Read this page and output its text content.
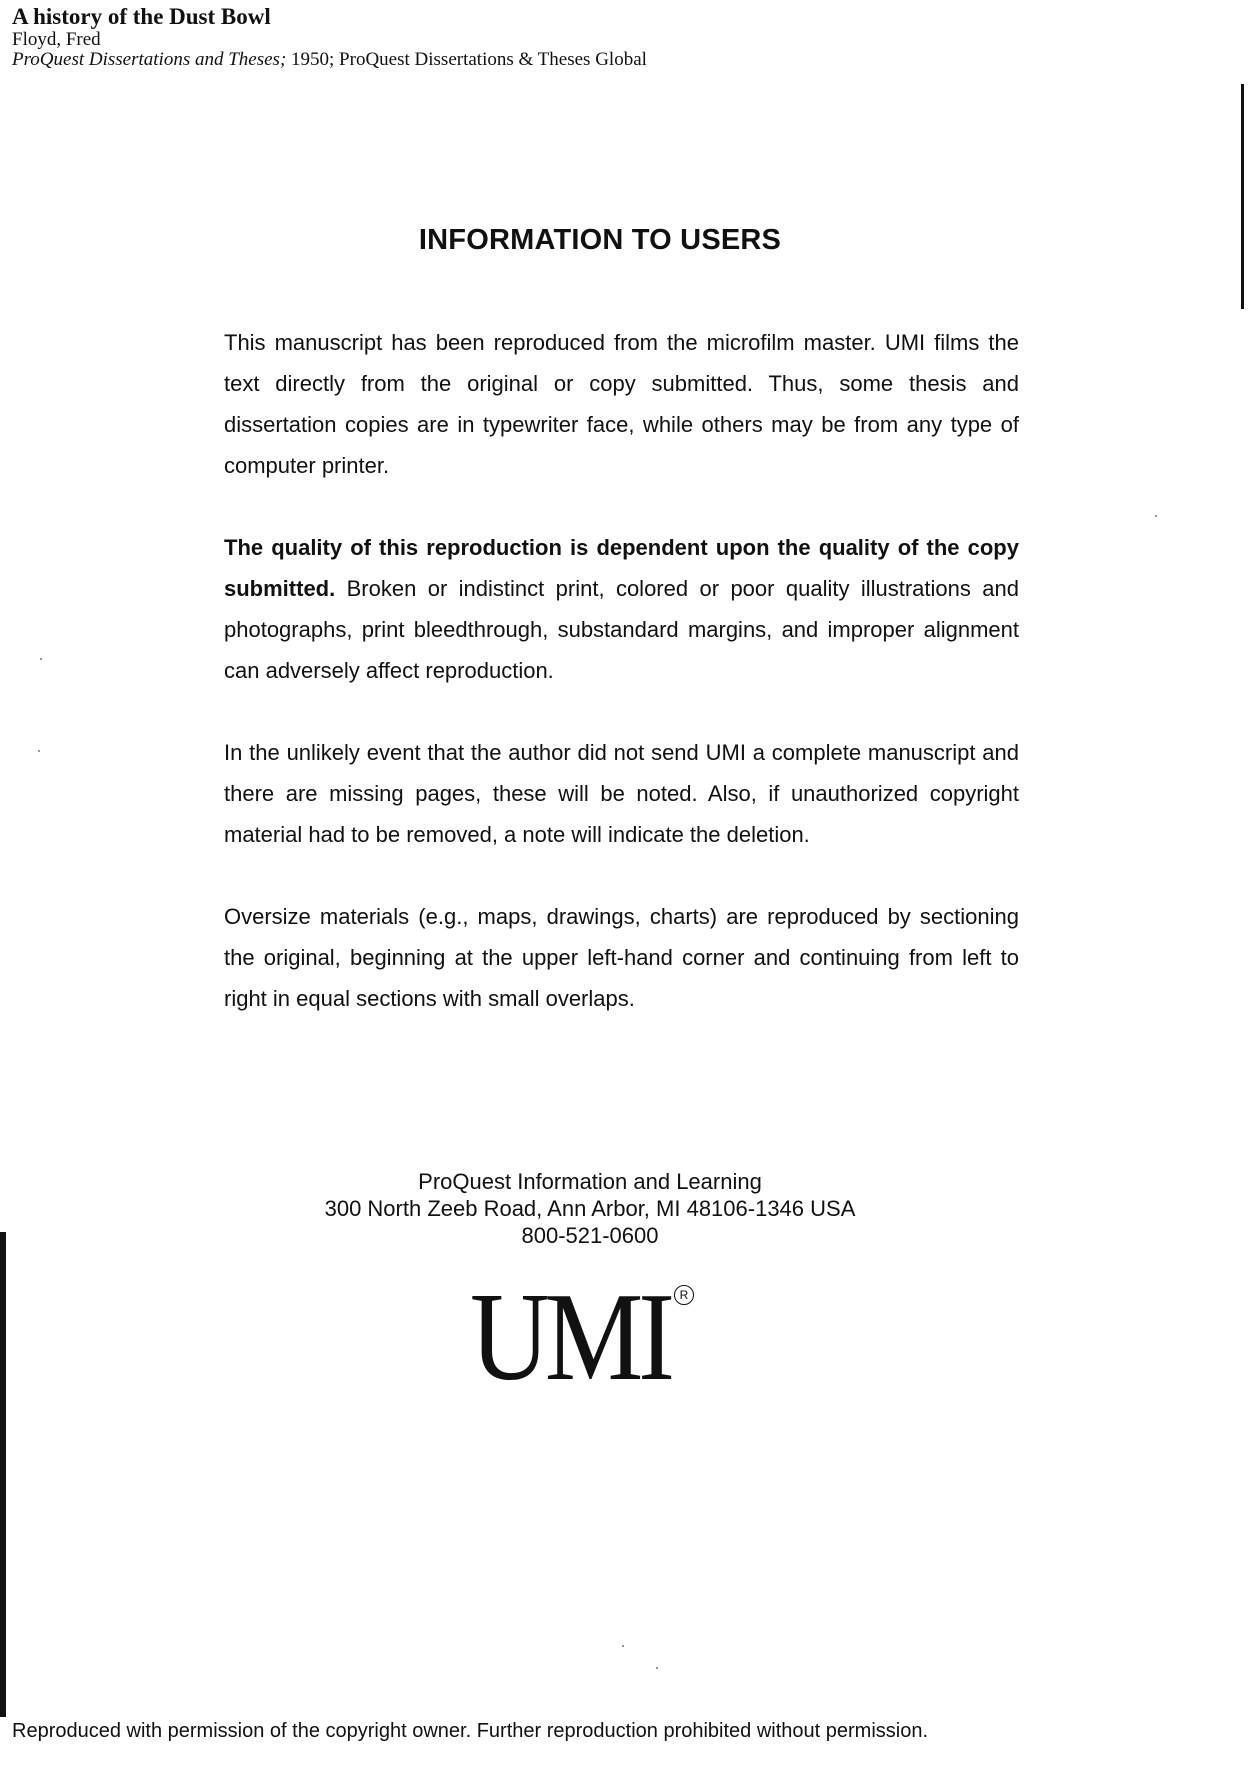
A history of the Dust Bowl
Floyd, Fred
ProQuest Dissertations and Theses; 1950; ProQuest Dissertations & Theses Global
INFORMATION TO USERS

This manuscript has been reproduced from the microfilm master. UMI films the text directly from the original or copy submitted. Thus, some thesis and dissertation copies are in typewriter face, while others may be from any type of computer printer.

The quality of this reproduction is dependent upon the quality of the copy submitted. Broken or indistinct print, colored or poor quality illustrations and photographs, print bleedthrough, substandard margins, and improper alignment can adversely affect reproduction.

In the unlikely event that the author did not send UMI a complete manuscript and there are missing pages, these will be noted. Also, if unauthorized copyright material had to be removed, a note will indicate the deletion.

Oversize materials (e.g., maps, drawings, charts) are reproduced by sectioning the original, beginning at the upper left-hand corner and continuing from left to right in equal sections with small overlaps.

ProQuest Information and Learning
300 North Zeeb Road, Ann Arbor, MI 48106-1346 USA
800-521-0600
UMI R
Reproduced with permission of the copyright owner. Further reproduction prohibited without permission.
